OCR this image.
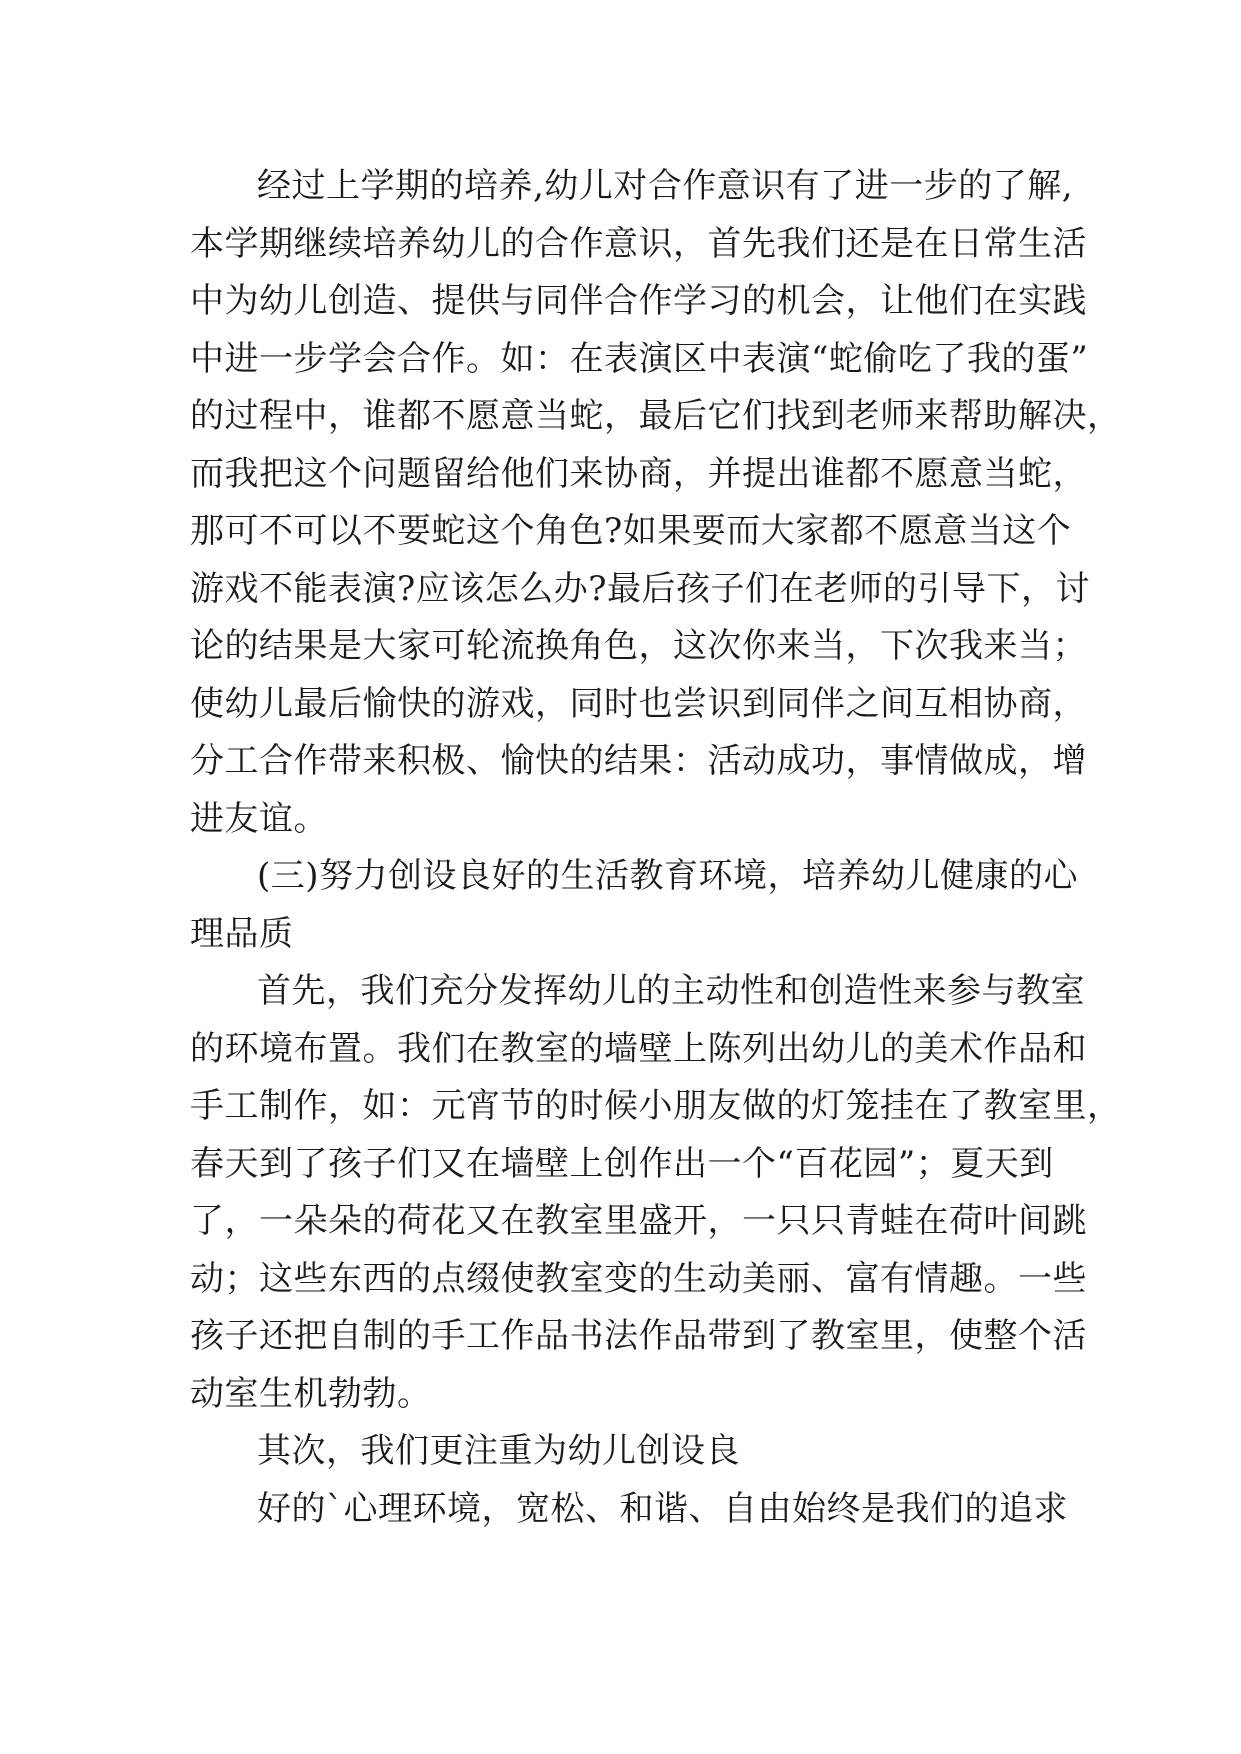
经过上学期的培养,幼儿对合作意识有了进一步的了解,
本学期继续培养幼儿的合作意识，首先我们还是在日常生活
中为幼儿创造、提供与同伴合作学习的机会，让他们在实践
中进一步学会合作。如：在表演区中表演“蛇偷吃了我的蛋”
的过程中，谁都不愿意当蛇，最后它们找到老师来帮助解决，
而我把这个问题留给他们来协商，并提出谁都不愿意当蛇，
那可不可以不要蛇这个角色?如果要而大家都不愿意当这个
游戏不能表演?应该怎么办?最后孩子们在老师的引导下，讨
论的结果是大家可轮流换角色，这次你来当，下次我来当；
使幼儿最后愉快的游戏，同时也尝识到同伴之间互相协商，
分工合作带来积极、愉快的结果：活动成功，事情做成，增
进友谊。
(三)努力创设良好的生活教育环境，培养幼儿健康的心
理品质
首先，我们充分发挥幼儿的主动性和创造性来参与教室
的环境布置。我们在教室的墙壁上陈列出幼儿的美术作品和
手工制作，如：元宵节的时候小朋友做的灯笼挂在了教室里，
春天到了孩子们又在墙壁上创作出一个“百花园”；夏天到
了，一朵朵的荷花又在教室里盛开，一只只青蛙在荷叶间跳
动；这些东西的点缀使教室变的生动美丽、富有情趣。一些
孩子还把自制的手工作品书法作品带到了教室里，使整个活
动室生机勃勃。
其次，我们更注重为幼儿创设良
好的`心理环境，宽松、和谐、自由始终是我们的追求
